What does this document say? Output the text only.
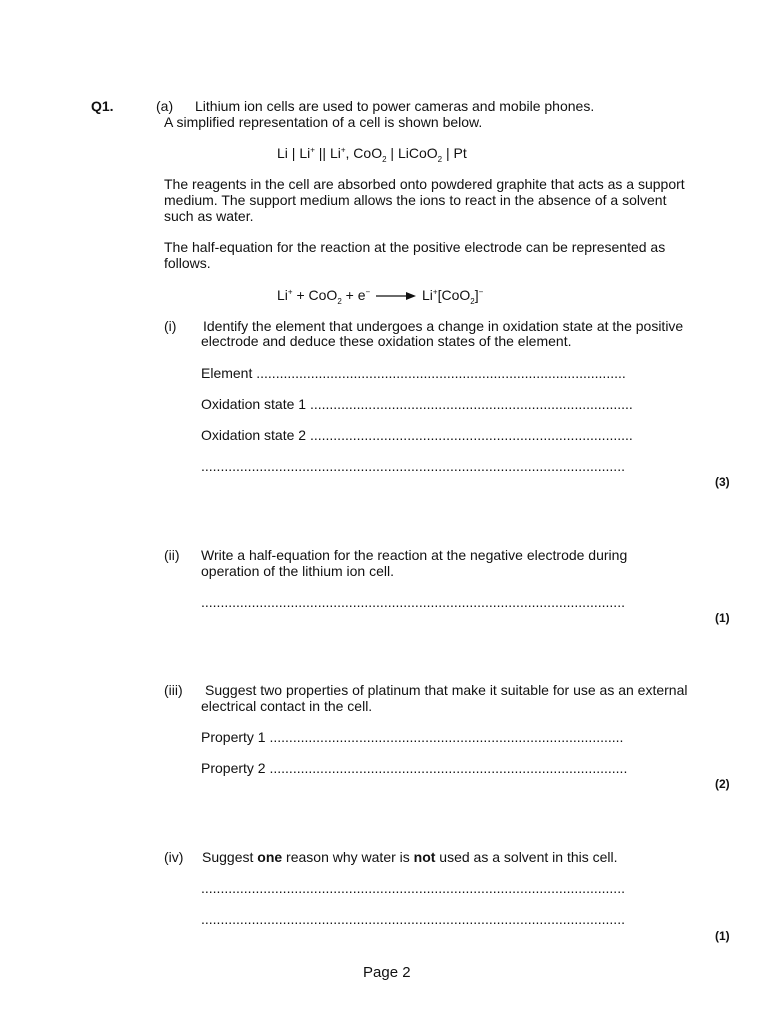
Q1.	(a) Lithium ion cells are used to power cameras and mobile phones.
A simplified representation of a cell is shown below.
Li | Li+ || Li+, CoO$_2$ | LiCoO$_2$ | Pt
The reagents in the cell are absorbed onto powdered graphite that acts as a support
medium. The support medium allows the ions to react in the absence of a solvent
such as water.
The half-equation for the reaction at the positive electrode can be represented as
follows.
Li+ + CoO$_2$ + e− → Li+[CoO$_2$]−
(i) Identify the element that undergoes a change in oxidation state at the positive
electrode and deduce these oxidation states of the element.
Element ...............................................................................................
Oxidation state 1 ...................................................................................
Oxidation state 2 ...................................................................................
.............................................................................................................
(3)
(ii) Write a half-equation for the reaction at the negative electrode during
operation of the lithium ion cell.
.............................................................................................................
(1)
(iii) Suggest two properties of platinum that make it suitable for use as an external
electrical contact in the cell.
Property 1 ...........................................................................................
Property 2 ............................................................................................
(2)
(iv) Suggest one reason why water is not used as a solvent in this cell.
.............................................................................................................
.............................................................................................................
(1)
Page 2
